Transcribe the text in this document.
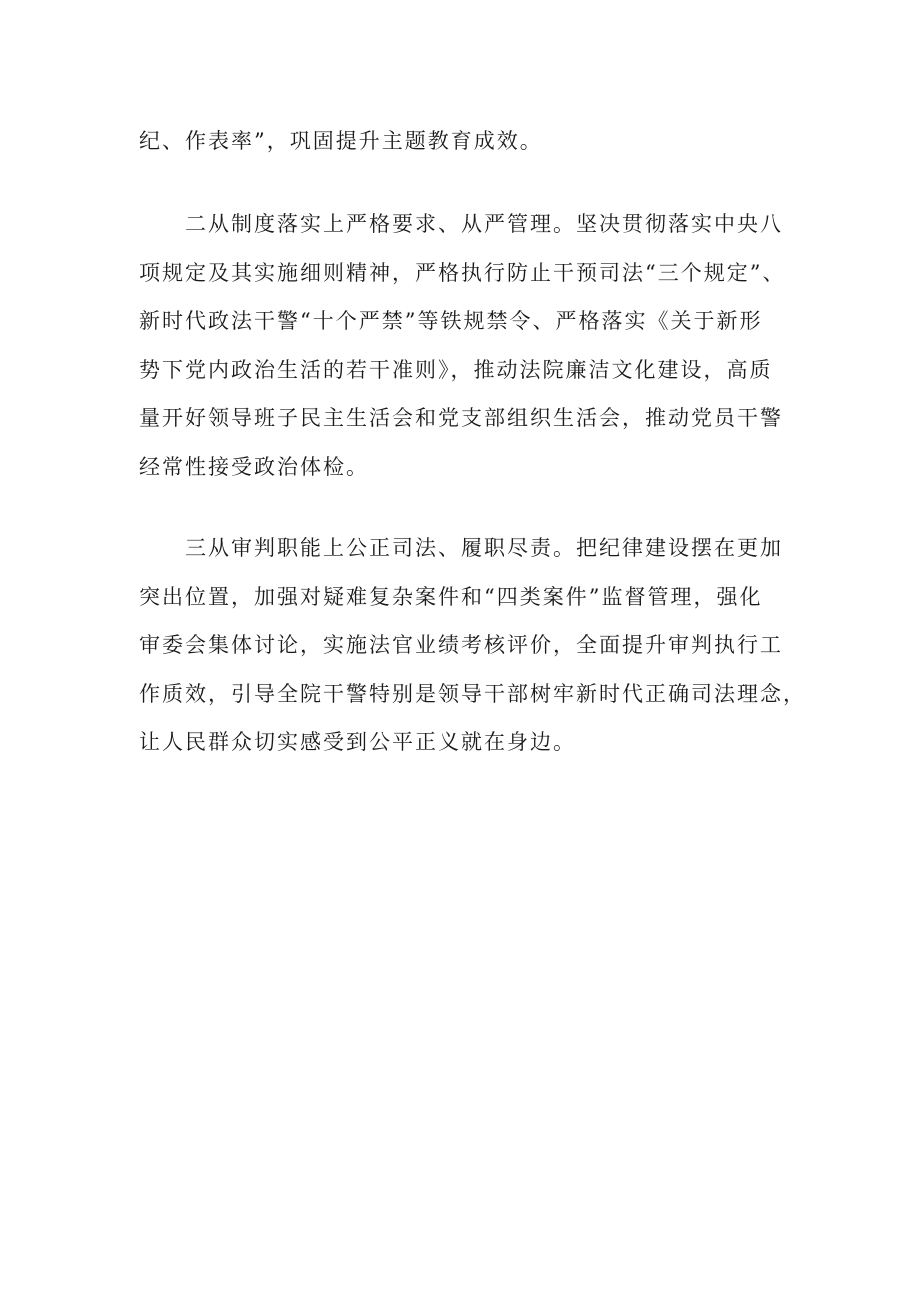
纪、作表率”，巩固提升主题教育成效。
二从制度落实上严格要求、从严管理。坚决贯彻落实中央八
项规定及其实施细则精神，严格执行防止干预司法“三个规定”、
新时代政法干警“十个严禁”等铁规禁令、严格落实《关于新形
势下党内政治生活的若干准则》，推动法院廉洁文化建设，高质
量开好领导班子民主生活会和党支部组织生活会，推动党员干警
经常性接受政治体检。
三从审判职能上公正司法、履职尽责。把纪律建设摆在更加
突出位置，加强对疑难复杂案件和“四类案件”监督管理，强化
审委会集体讨论，实施法官业绩考核评价，全面提升审判执行工
作质效，引导全院干警特别是领导干部树牢新时代正确司法理念，
让人民群众切实感受到公平正义就在身边。
